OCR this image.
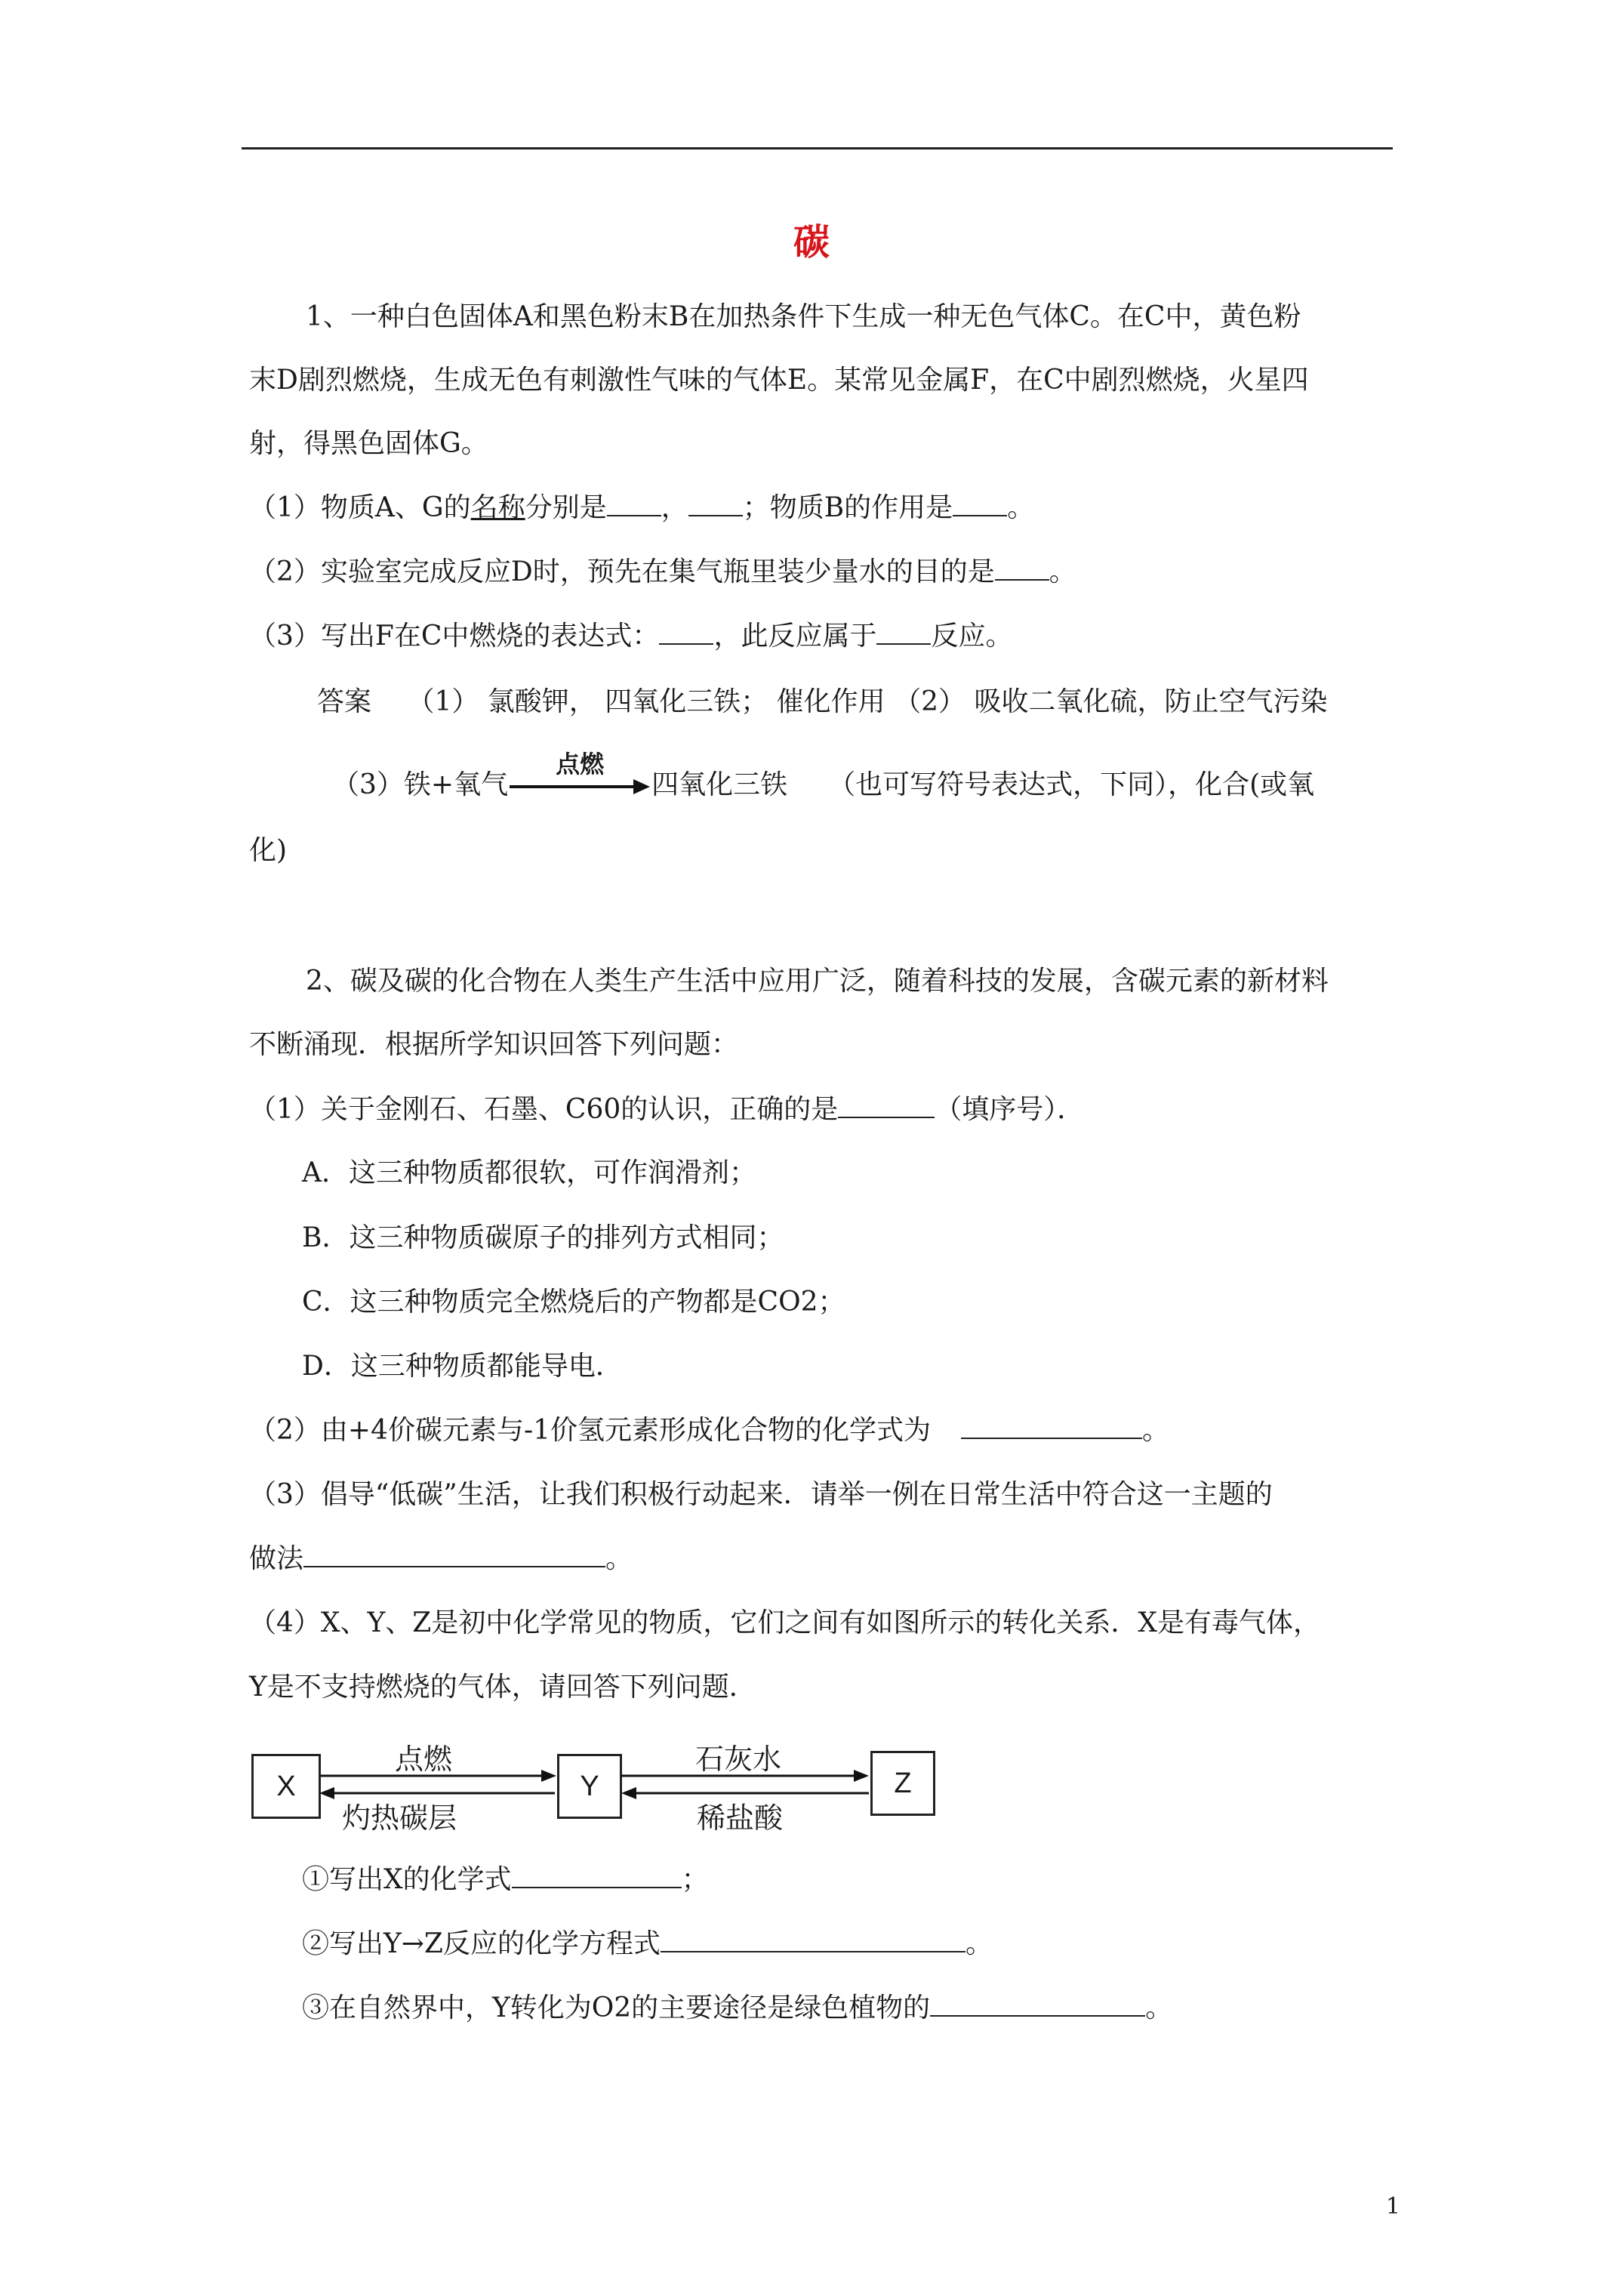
碳
1、一种白色固体A和黑色粉末B在加热条件下生成一种无色气体C。在C中，黄色粉
末D剧烈燃烧，生成无色有刺激性气味的气体E。某常见金属F，在C中剧烈燃烧，火星四
射，得黑色固体G。
（1）物质A、G的名称分别是 ， ；物质B的作用是 。
（2）实验室完成反应D时，预先在集气瓶里装少量水的目的是 。
（3）写出F在C中燃烧的表达式： ，此反应属于 反应。
答案　 （1） 氯酸钾， 四氧化三铁； 催化作用 （2） 吸收二氧化硫，防止空气污染
（3）铁+氧气
点燃
四氧化三铁　　（也可写符号表达式，下同），化合(或氧
化)
2、碳及碳的化合物在人类生产生活中应用广泛，随着科技的发展，含碳元素的新材料
不断涌现．根据所学知识回答下列问题：
（1）关于金刚石、石墨、C60的认识，正确的是	（填序号）．
A．这三种物质都很软，可作润滑剂；
B．这三种物质碳原子的排列方式相同；
C．这三种物质完全燃烧后的产物都是CO2；
D．这三种物质都能导电．
（2）由+4价碳元素与-1价氢元素形成化合物的化学式为	。
（3）倡导“低碳”生活，让我们积极行动起来．请举一例在日常生活中符合这一主题的
做法	。
（4）X、Y、Z是初中化学常见的物质，它们之间有如图所示的转化关系．X是有毒气体，
Y是不支持燃烧的气体，请回答下列问题．
X	Y	Z
点燃
灼热碳层
石灰水
稀盐酸
①写出X的化学式	；
②写出Y→Z反应的化学方程式	。
③在自然界中，Y转化为O2的主要途径是绿色植物的	。
1
